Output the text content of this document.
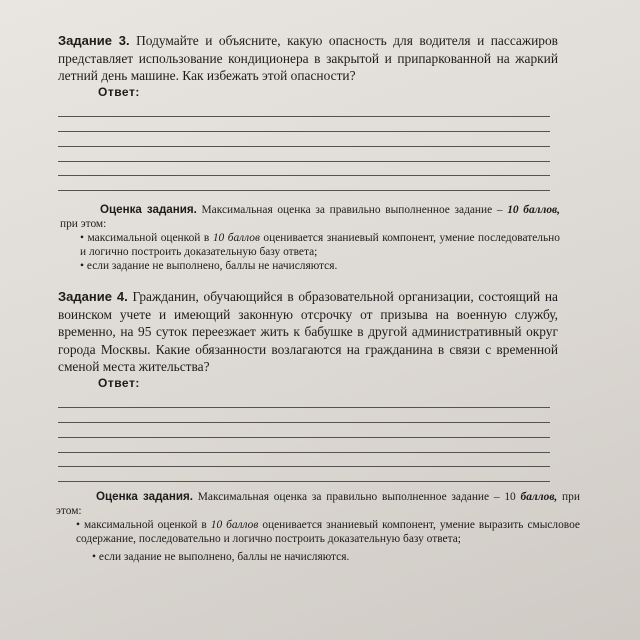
Задание 3. Подумайте и объясните, какую опасность для водителя и пассажиров представляет использование кондиционера в закрытой и припаркованной на жаркий летний день машине. Как избежать этой опасности?

Ответ:

Оценка задания. Максимальная оценка за правильно выполненное задание – 10 баллов, при этом:

• максимальной оценкой в 10 баллов оценивается знаниевый компонент, умение последовательно и логично построить доказательную базу ответа;

• если задание не выполнено, баллы не начисляются.

Задание 4. Гражданин, обучающийся в образовательной организации, состоящий на воинском учете и имеющий законную отсрочку от призыва на военную службу, временно, на 95 суток переезжает жить к бабушке в другой административный округ города Москвы. Какие обязанности возлагаются на гражданина в связи с временной сменой места жительства?

Ответ:

Оценка задания. Максимальная оценка за правильно выполненное задание – 10 баллов, при этом:

• максимальной оценкой в 10 баллов оценивается знаниевый компонент, умение выразить смысловое содержание, последовательно и логично построить доказательную базу ответа;

• если задание не выполнено, баллы не начисляются.
